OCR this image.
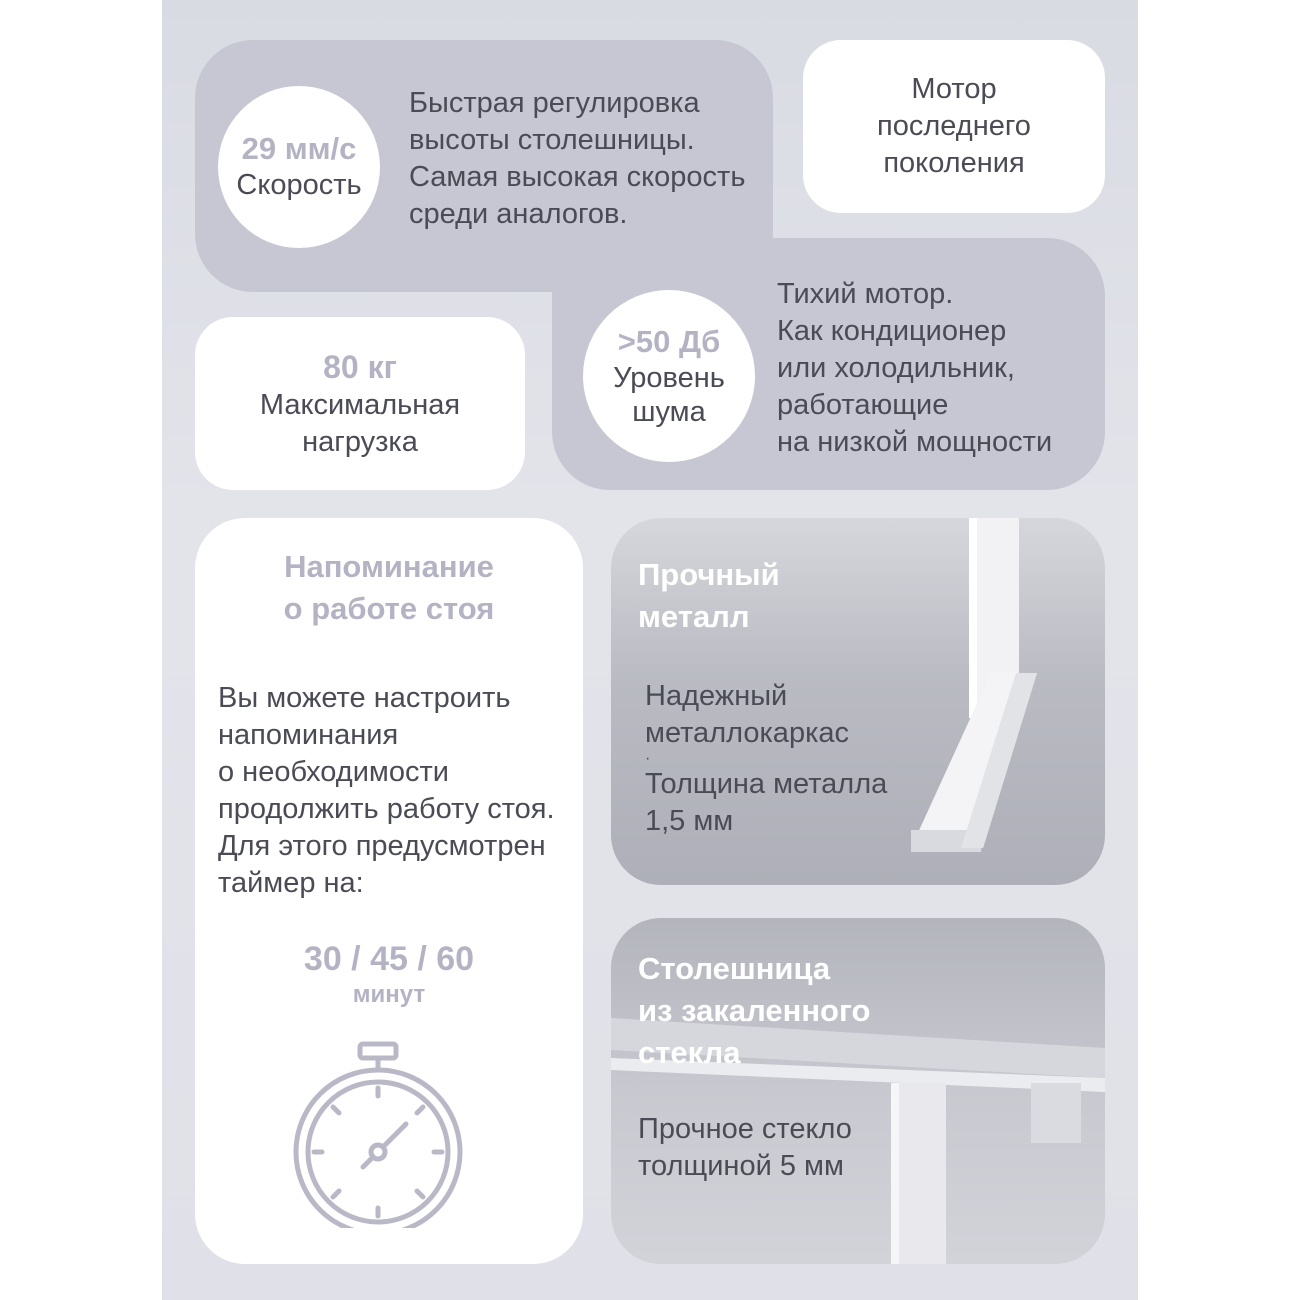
29 мм/с
Скорость
Быстрая регулировка
высоты столешницы.
Самая высокая скорость
среди аналогов.
Мотор
последнего
поколения
80 кг
Максимальная
нагрузка
>50 Дб
Уровень
шума
Тихий мотор.
Как кондиционер
или холодильник,
работающие
на низкой мощности
Напоминание
о работе стоя
Вы можете настроить
напоминания
о необходимости
продолжить работу стоя.
Для этого предусмотрен
таймер на:
30 / 45 / 60
минут
Прочный
металл
Надежный
металлокаркас
·
Толщина металла
1,5 мм
Столешница
из закаленного
стекла
Прочное стекло
толщиной 5 мм
